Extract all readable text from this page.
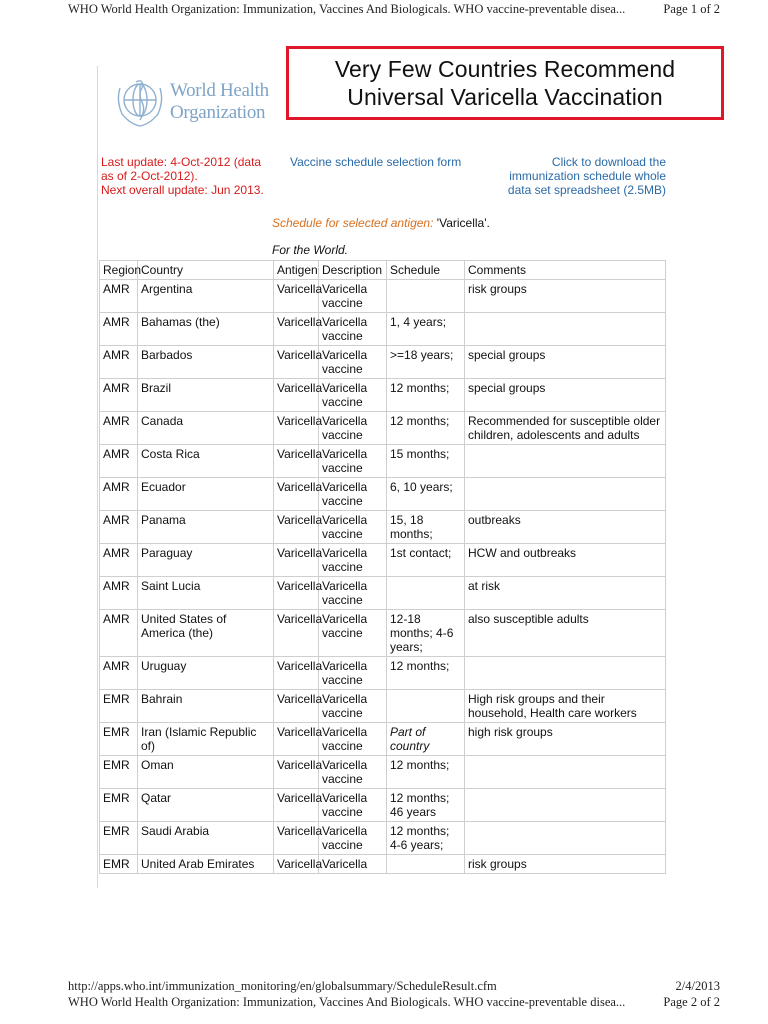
WHO World Health Organization: Immunization, Vaccines And Biologicals. WHO vaccine-preventable disea...	Page 1 of 2
World Health
Organization
Very Few Countries Recommend
Universal Varicella Vaccination
Last update: 4-Oct-2012 (data
as of 2-Oct-2012).
Next overall update: Jun 2013.
Vaccine schedule selection form	Click to download the
immunization schedule whole
data set spreadsheet (2.5MB)
Schedule for selected antigen: 'Varicella'.
For the World.
Region	Country	Antigen	Description	Schedule	Comments
AMR	Argentina	Varicella	Varicella vaccine		risk groups
AMR	Bahamas (the)	Varicella	Varicella vaccine	1, 4 years;	
AMR	Barbados	Varicella	Varicella vaccine	>=18 years;	special groups
AMR	Brazil	Varicella	Varicella vaccine	12 months;	special groups
AMR	Canada	Varicella	Varicella vaccine	12 months;	Recommended for susceptible older children, adolescents and adults
AMR	Costa Rica	Varicella	Varicella vaccine	15 months;	
AMR	Ecuador	Varicella	Varicella vaccine	6, 10 years;	
AMR	Panama	Varicella	Varicella vaccine	15, 18 months;	outbreaks
AMR	Paraguay	Varicella	Varicella vaccine	1st contact;	HCW and outbreaks
AMR	Saint Lucia	Varicella	Varicella vaccine		at risk
AMR	United States of America (the)	Varicella	Varicella vaccine	12-18 months; 4-6 years;	also susceptible adults
AMR	Uruguay	Varicella	Varicella vaccine	12 months;	
EMR	Bahrain	Varicella	Varicella vaccine		High risk groups and their household, Health care workers
EMR	Iran (Islamic Republic of)	Varicella	Varicella vaccine	Part of country	high risk groups
EMR	Oman	Varicella	Varicella vaccine	12 months;	
EMR	Qatar	Varicella	Varicella vaccine	12 months; 46 years	
EMR	Saudi Arabia	Varicella	Varicella vaccine	12 months; 4-6 years;	
EMR	United Arab Emirates	Varicella	Varicella		risk groups
http://apps.who.int/immunization_monitoring/en/globalsummary/ScheduleResult.cfm	2/4/2013
WHO World Health Organization: Immunization, Vaccines And Biologicals. WHO vaccine-preventable disea...	Page 2 of 2
